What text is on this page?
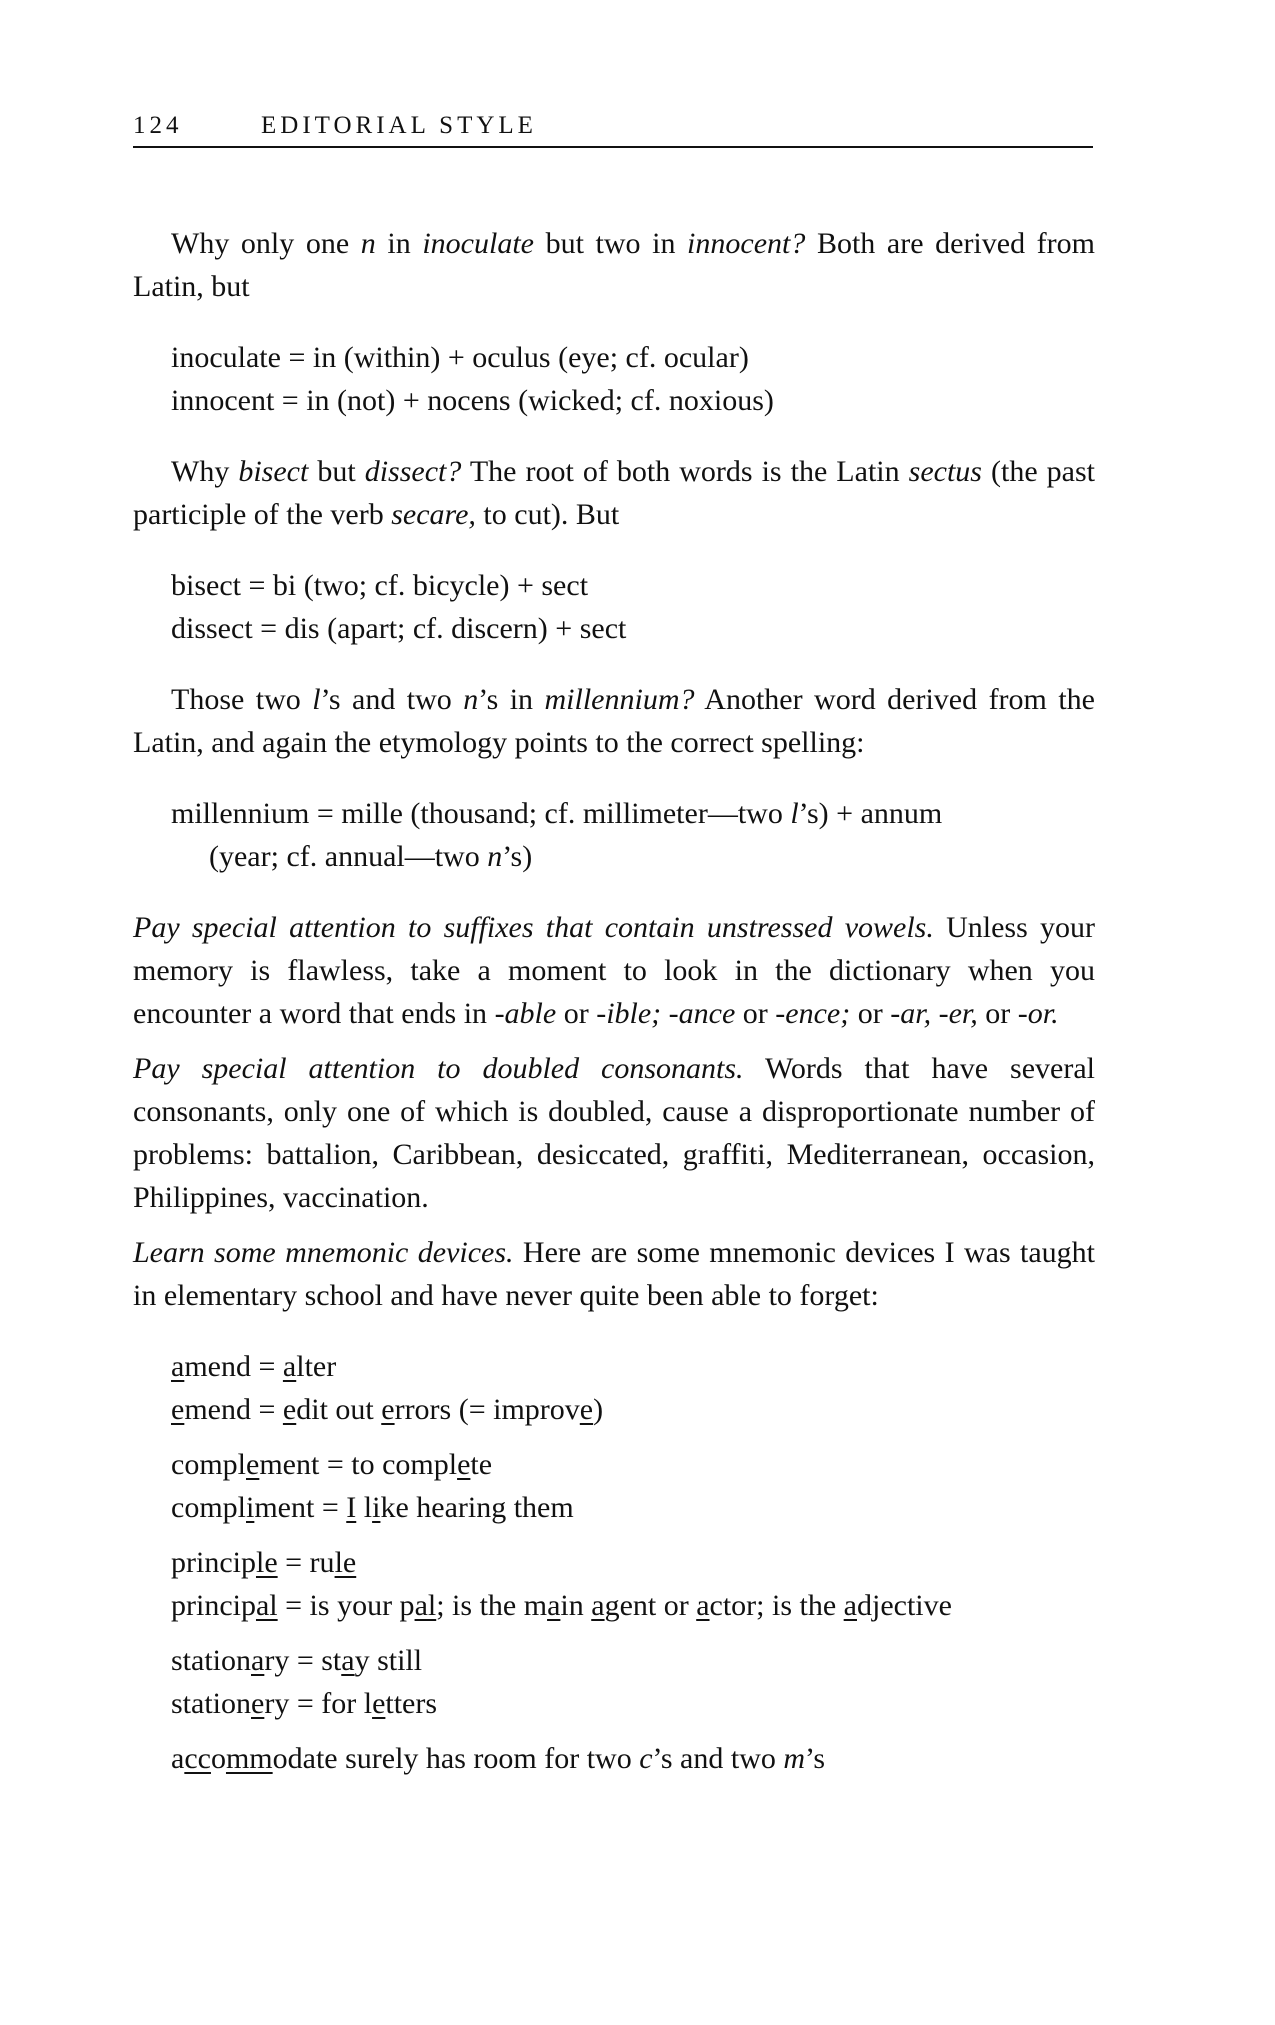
124	EDITORIAL STYLE

Why only one n in inoculate but two in innocent? Both are derived from Latin, but

inoculate = in (within) + oculus (eye; cf. ocular)
innocent = in (not) + nocens (wicked; cf. noxious)

Why bisect but dissect? The root of both words is the Latin sectus (the past participle of the verb secare, to cut). But

bisect = bi (two; cf. bicycle) + sect
dissect = dis (apart; cf. discern) + sect

Those two l’s and two n’s in millennium? Another word derived from the Latin, and again the etymology points to the correct spelling:

millennium = mille (thousand; cf. millimeter—two l’s) + annum
(year; cf. annual—two n’s)

Pay special attention to suffixes that contain unstressed vowels. Unless your memory is flawless, take a moment to look in the dictionary when you encounter a word that ends in -able or -ible; -ance or -ence; or -ar, -er, or -or.

Pay special attention to doubled consonants. Words that have several consonants, only one of which is doubled, cause a disproportionate number of problems: battalion, Caribbean, desiccated, graffiti, Mediterranean, occasion, Philippines, vaccination.

Learn some mnemonic devices. Here are some mnemonic devices I was taught in elementary school and have never quite been able to forget:

amend = alter
emend = edit out errors (= improve)
complement = to complete
compliment = I like hearing them
principle = rule
principal = is your pal; is the main agent or actor; is the adjective
stationary = stay still
stationery = for letters
accommodate surely has room for two c’s and two m’s
